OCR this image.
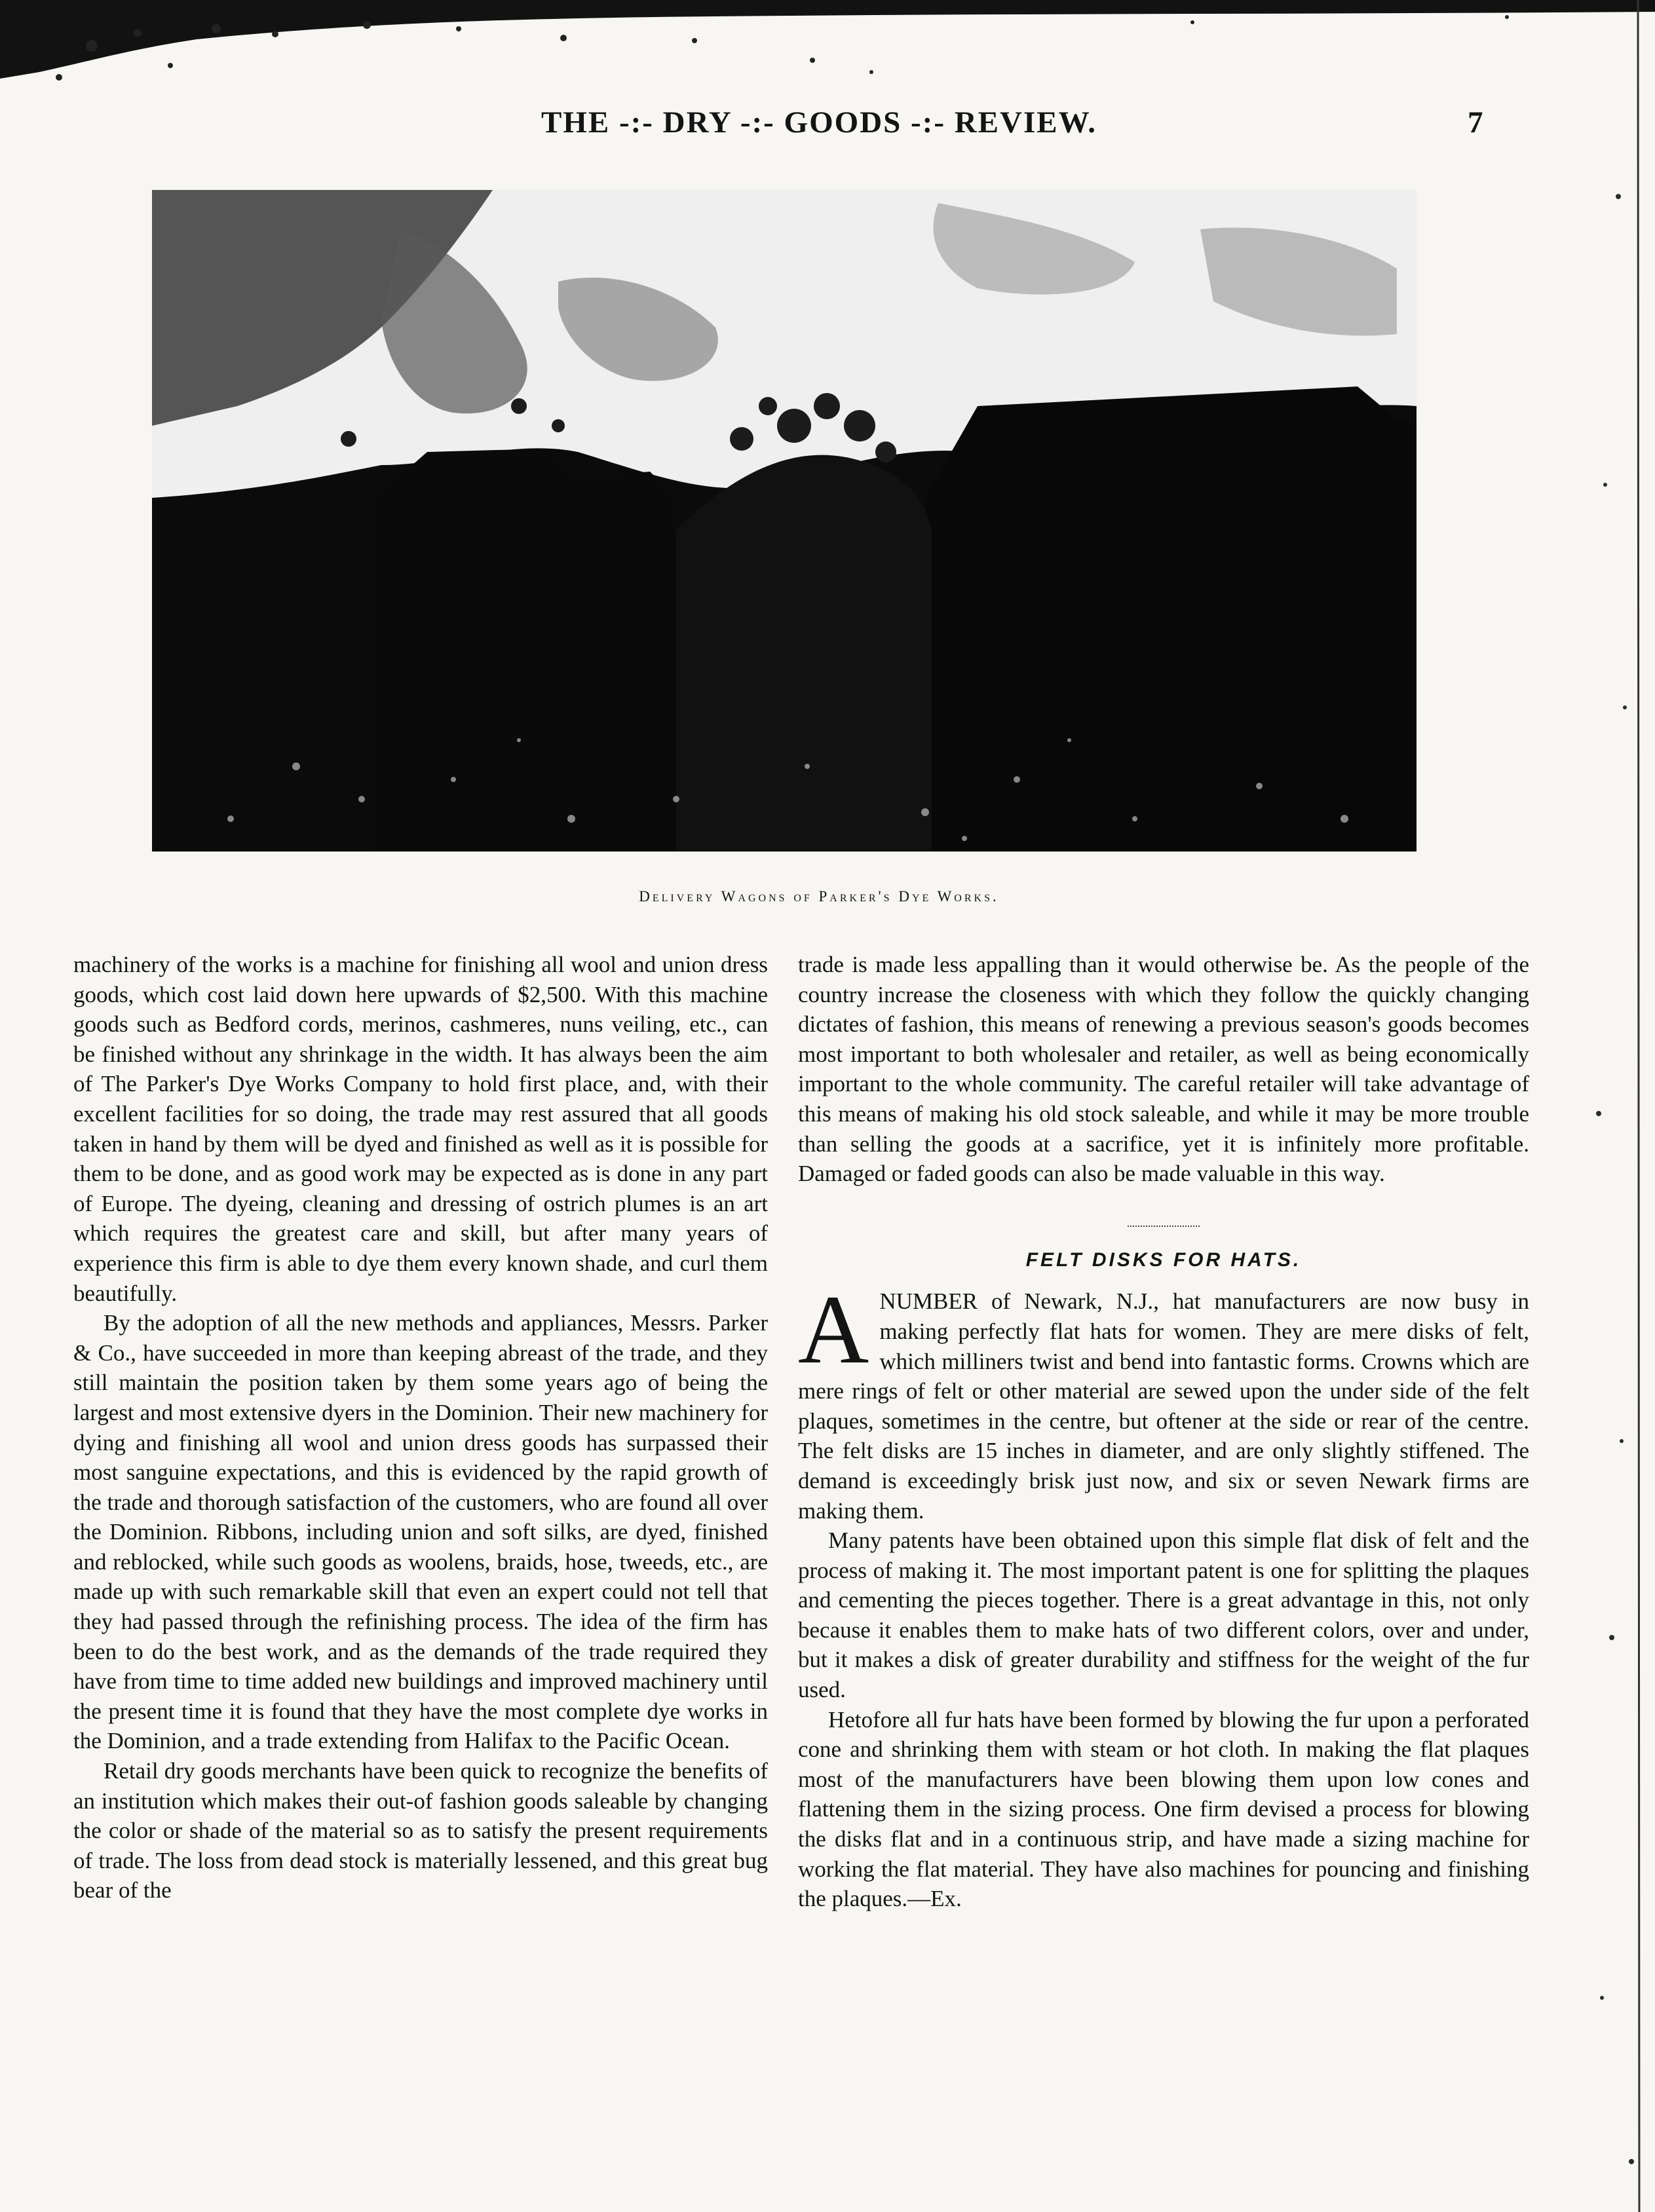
THE -:- DRY -:- GOODS -:- REVIEW.	7
Delivery Wagons of Parker's Dye Works.

machinery of the works is a machine for finishing all wool and union dress goods, which cost laid down here upwards of $2,500. With this machine goods such as Bedford cords, merinos, cashmeres, nuns veiling, etc., can be finished without any shrinkage in the width. It has always been the aim of The Parker's Dye Works Company to hold first place, and, with their excellent facilities for so doing, the trade may rest assured that all goods taken in hand by them will be dyed and finished as well as it is possible for them to be done, and as good work may be expected as is done in any part of Europe. The dyeing, cleaning and dressing of ostrich plumes is an art which requires the greatest care and skill, but after many years of experience this firm is able to dye them every known shade, and curl them beautifully.

By the adoption of all the new methods and appliances, Messrs. Parker & Co., have succeeded in more than keeping abreast of the trade, and they still maintain the position taken by them some years ago of being the largest and most extensive dyers in the Dominion. Their new machinery for dying and finishing all wool and union dress goods has surpassed their most sanguine expectations, and this is evidenced by the rapid growth of the trade and thorough satisfaction of the customers, who are found all over the Dominion. Ribbons, including union and soft silks, are dyed, finished and reblocked, while such goods as woolens, braids, hose, tweeds, etc., are made up with such remarkable skill that even an expert could not tell that they had passed through the refinishing process. The idea of the firm has been to do the best work, and as the demands of the trade required they have from time to time added new buildings and improved machinery until the present time it is found that they have the most complete dye works in the Dominion, and a trade extending from Halifax to the Pacific Ocean.

Retail dry goods merchants have been quick to recognize the benefits of an institution which makes their out-of fashion goods saleable by changing the color or shade of the material so as to satisfy the present requirements of trade. The loss from dead stock is materially lessened, and this great bug bear of the

trade is made less appalling than it would otherwise be. As the people of the country increase the closeness with which they follow the quickly changing dictates of fashion, this means of renewing a previous season's goods becomes most important to both wholesaler and retailer, as well as being economically important to the whole community. The careful retailer will take advantage of this means of making his old stock saleable, and while it may be more trouble than selling the goods at a sacrifice, yet it is infinitely more profitable. Damaged or faded goods can also be made valuable in this way.

FELT DISKS FOR HATS.

ANUMBER of Newark, N.J., hat manufacturers are now busy in making perfectly flat hats for women. They are mere disks of felt, which milliners twist and bend into fantastic forms. Crowns which are mere rings of felt or other material are sewed upon the under side of the felt plaques, sometimes in the centre, but oftener at the side or rear of the centre. The felt disks are 15 inches in diameter, and are only slightly stiffened. The demand is exceedingly brisk just now, and six or seven Newark firms are making them.

Many patents have been obtained upon this simple flat disk of felt and the process of making it. The most important patent is one for splitting the plaques and cementing the pieces together. There is a great advantage in this, not only because it enables them to make hats of two different colors, over and under, but it makes a disk of greater durability and stiffness for the weight of the fur used.

Hetofore all fur hats have been formed by blowing the fur upon a perforated cone and shrinking them with steam or hot cloth. In making the flat plaques most of the manufacturers have been blowing them upon low cones and flattening them in the sizing process. One firm devised a process for blowing the disks flat and in a continuous strip, and have made a sizing machine for working the flat material. They have also machines for pouncing and finishing the plaques.—Ex.
